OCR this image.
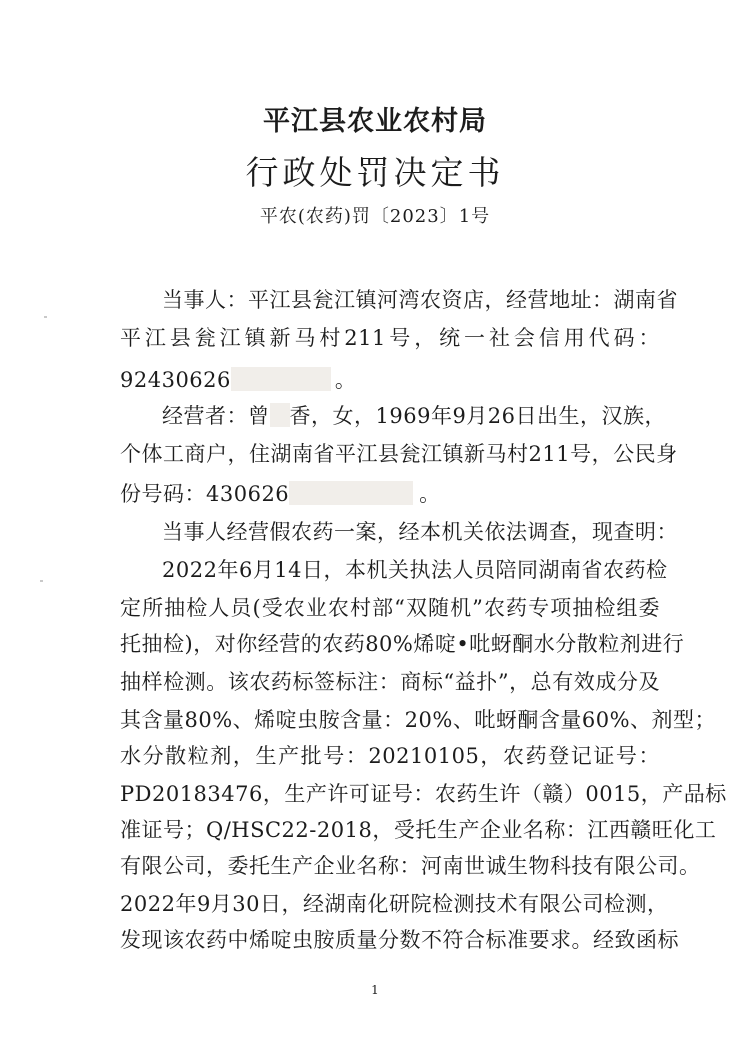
平江县农业农村局
行政处罚决定书
平农(农药)罚〔2023〕1号
当事人：平江县瓮江镇河湾农资店，经营地址：湖南省
平江县瓮江镇新马村211号，统一社会信用代码：
92430626	。
经营者：曾 香，女，1969年9月26日出生，汉族，
个体工商户，住湖南省平江县瓮江镇新马村211号，公民身
份号码：430626	。
当事人经营假农药一案，经本机关依法调查，现查明：
2022年6月14日，本机关执法人员陪同湖南省农药检
定所抽检人员(受农业农村部“双随机”农药专项抽检组委
托抽检)，对你经营的农药80%烯啶•吡蚜酮水分散粒剂进行
抽样检测。该农药标签标注：商标“益扑”，总有效成分及
其含量80%、烯啶虫胺含量：20%、吡蚜酮含量60%、剂型；
水分散粒剂，生产批号：20210105，农药登记证号：
PD20183476，生产许可证号：农药生许（赣）0015，产品标
准证号；Q/HSC22-2018，受托生产企业名称：江西赣旺化工
有限公司，委托生产企业名称：河南世诚生物科技有限公司。
2022年9月30日，经湖南化研院检测技术有限公司检测，
发现该农药中烯啶虫胺质量分数不符合标准要求。经致函标
1
